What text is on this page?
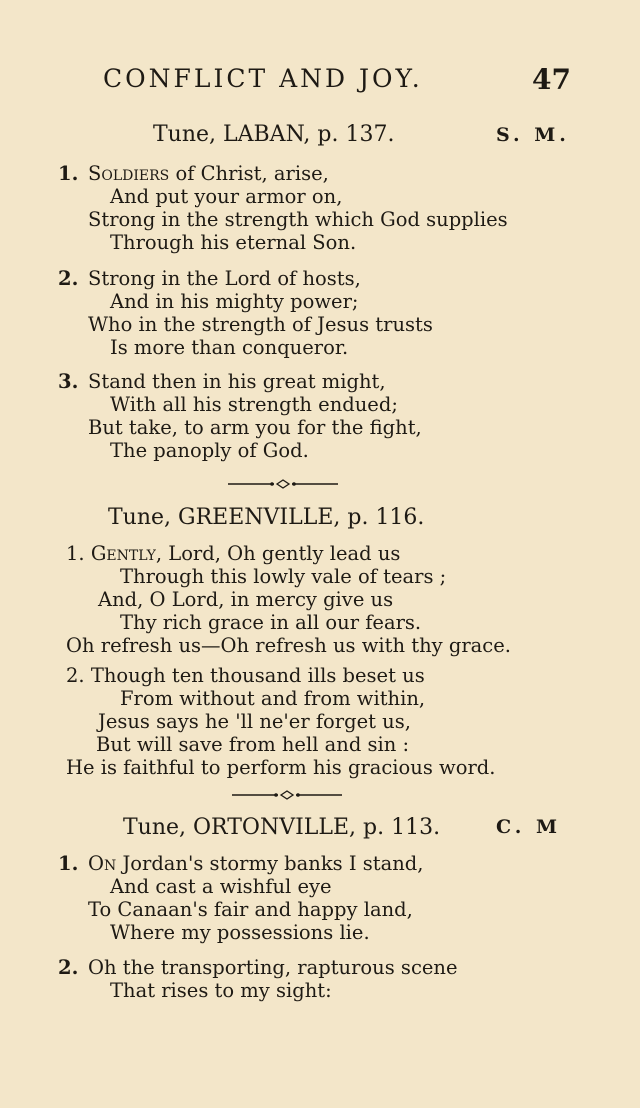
CONFLICT AND JOY.	47
Tune, LABAN, p. 137.	S. M.
1. Soldiers of Christ, arise,
And put your armor on,
Strong in the strength which God supplies
Through his eternal Son.
2. Strong in the Lord of hosts,
And in his mighty power;
Who in the strength of Jesus trusts
Is more than conqueror.
3. Stand then in his great might,
With all his strength endued;
But take, to arm you for the fight,
The panoply of God.
Tune, GREENVILLE, p. 116.
1. Gently, Lord, Oh gently lead us
Through this lowly vale of tears ;
And, O Lord, in mercy give us
Thy rich grace in all our fears.
Oh refresh us—Oh refresh us with thy grace.
2. Though ten thousand ills beset us
From without and from within,
Jesus says he 'll ne'er forget us,
But will save from hell and sin :
He is faithful to perform his gracious word.
Tune, ORTONVILLE, p. 113.	C. M
1. On Jordan's stormy banks I stand,
And cast a wishful eye
To Canaan's fair and happy land,
Where my possessions lie.
2. Oh the transporting, rapturous scene
That rises to my sight:
